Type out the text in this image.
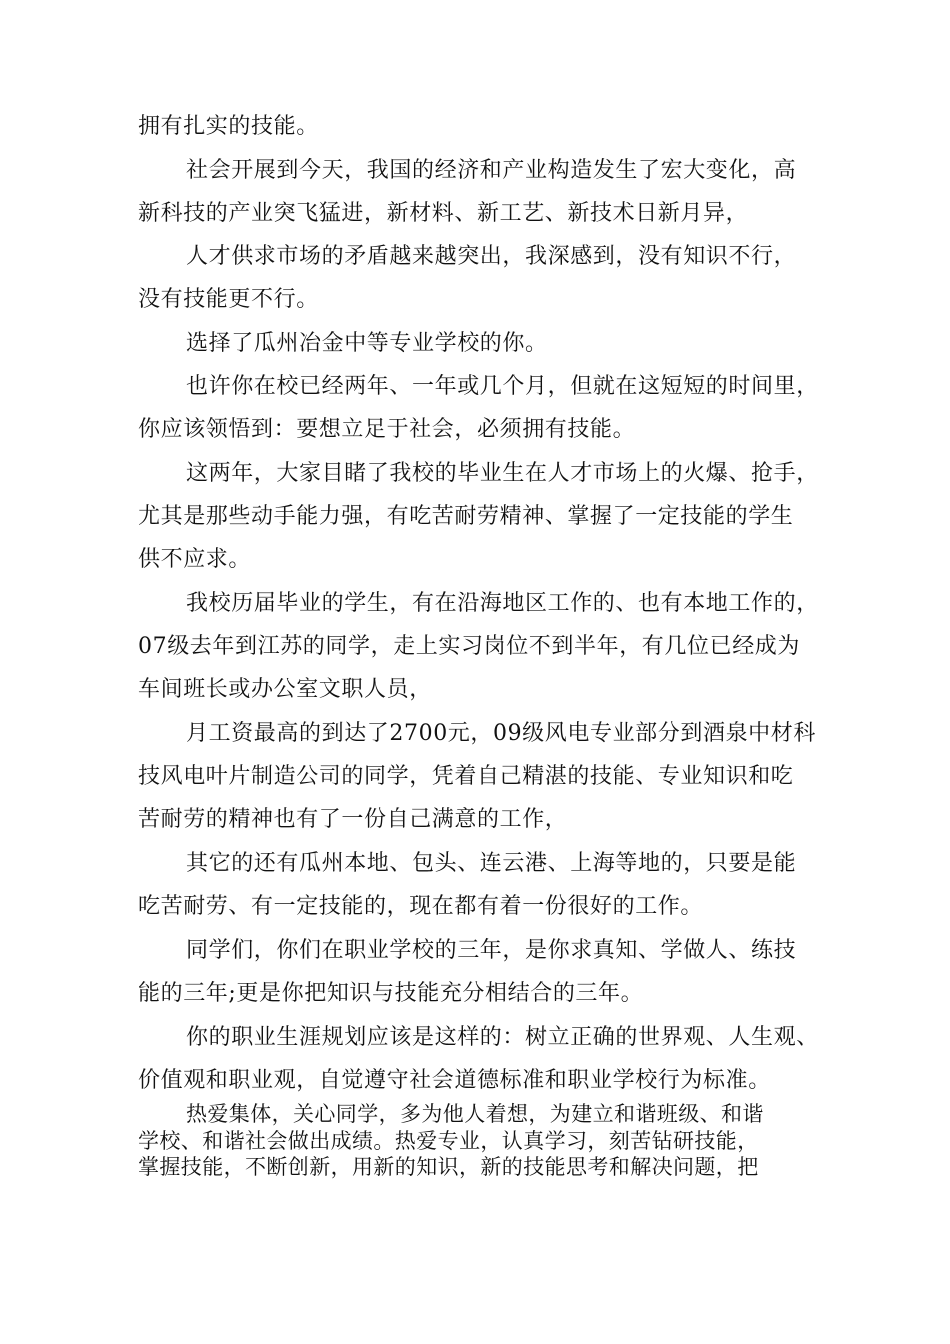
拥有扎实的技能。
社会开展到今天，我国的经济和产业构造发生了宏大变化，高
新科技的产业突飞猛进，新材料、新工艺、新技术日新月异，
人才供求市场的矛盾越来越突出，我深感到，没有知识不行，
没有技能更不行。
选择了瓜州冶金中等专业学校的你。
也许你在校已经两年、一年或几个月，但就在这短短的时间里，
你应该领悟到：要想立足于社会，必须拥有技能。
这两年，大家目睹了我校的毕业生在人才市场上的火爆、抢手，
尤其是那些动手能力强，有吃苦耐劳精神、掌握了一定技能的学生
供不应求。
我校历届毕业的学生，有在沿海地区工作的、也有本地工作的，
07级去年到江苏的同学，走上实习岗位不到半年，有几位已经成为
车间班长或办公室文职人员，
月工资最高的到达了2700元，09级风电专业部分到酒泉中材科
技风电叶片制造公司的同学，凭着自己精湛的技能、专业知识和吃
苦耐劳的精神也有了一份自己满意的工作，
其它的还有瓜州本地、包头、连云港、上海等地的，只要是能
吃苦耐劳、有一定技能的，现在都有着一份很好的工作。
同学们，你们在职业学校的三年，是你求真知、学做人、练技
能的三年;更是你把知识与技能充分相结合的三年。
你的职业生涯规划应该是这样的：树立正确的世界观、人生观、
价值观和职业观，自觉遵守社会道德标准和职业学校行为标准。
热爱集体，关心同学，多为他人着想，为建立和谐班级、和谐
学校、和谐社会做出成绩。热爱专业，认真学习，刻苦钻研技能，
掌握技能，不断创新，用新的知识，新的技能思考和解决问题，把
